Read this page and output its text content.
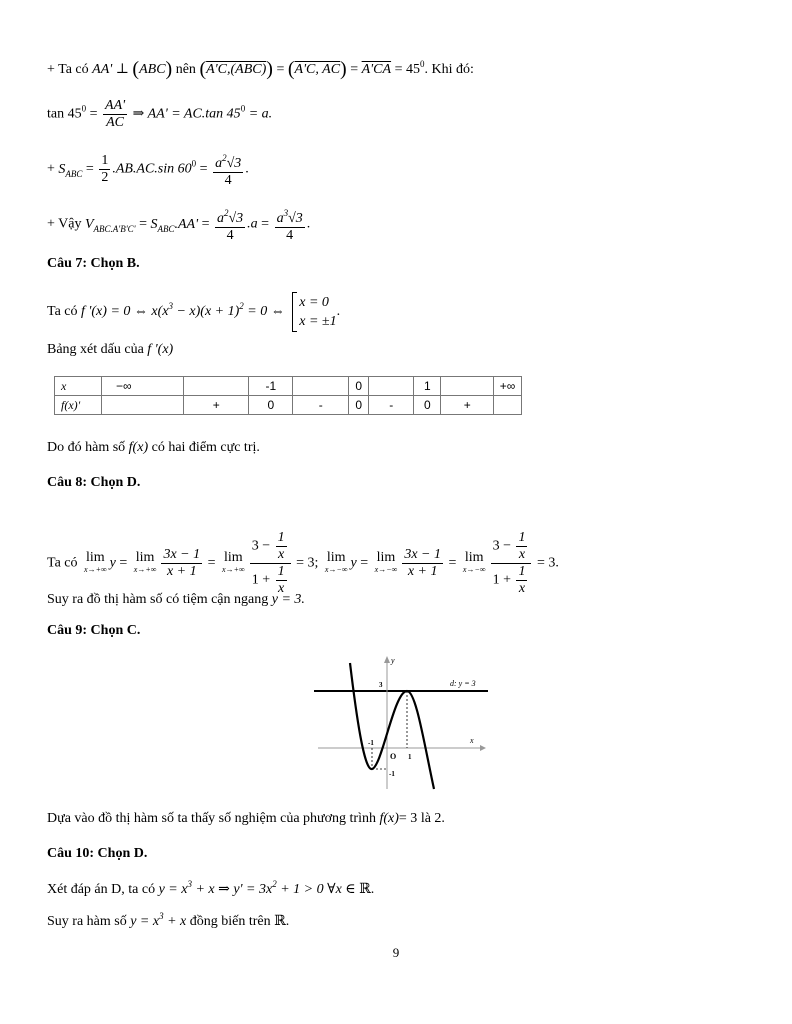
+ Ta có AA' ⊥ (ABC) nên (A'C,(ABC)) = (A'C, $AC) = A'CA = 45^0$. Khi đó:
$\tan 45^0 = \frac{AA'}{AC}$ ⇒ AA' = AC.tan $45^0 = a$.
+ $S_{ABC} = \frac{1}{2} .AB.AC.\sin$ $60^0 = \frac{a^2√3}{4}$ .
+ Vậy $V_{ABC.A'B'C'} = S_{ABC}.AA' = \frac{a^2√3}{4} .a = \frac{a^3√3}{4}$ .
Câu 7: Chọn B.
Ta có f '(x) = 0 ⇔ $x(x^3 - x)(x + 1)^2 = 0$ ⇔
x = 0
x = ±1
.
Bảng xét dấu của f '(x)
x	−∞		-1		0		1		+∞
f(x)'		+	0	-	0	-	0	+	
Do đó hàm số f(x) có hai điểm cực trị.
Câu 8: Chọn D.
Ta có lim
x→+∞ y = lim
$x\to+\infty \frac{3x - 1}{x + 1} = \lim$
$x\to+\infty \frac{3 - \frac{1}{x}}{1 + \frac{1}{x}} = 3$; lim
x→−∞ y = lim
$x\to-\infty \frac{3x - 1}{x + 1} = \lim$
$x\to-\infty \frac{3 - \frac{1}{x}}{1 + \frac{1}{x}} = 3$.
Suy ra đồ thị hàm số có tiệm cận ngang y = 3.
Câu 9: Chọn C.
d: y = 3
x
y
O
3
-1
1
-1
Dựa vào đồ thị hàm số ta thấy số nghiệm của phương trình f(x)= 3 là 2.
Câu 10: Chọn D.
Xét đáp án D, ta có $y = x^3 + x$ ⇒ $y' = 3x^2 + 1 > 0$ ∀x ∈ ℝ.
Suy ra hàm số $y = x^3 + x$ đồng biến trên ℝ.
9
